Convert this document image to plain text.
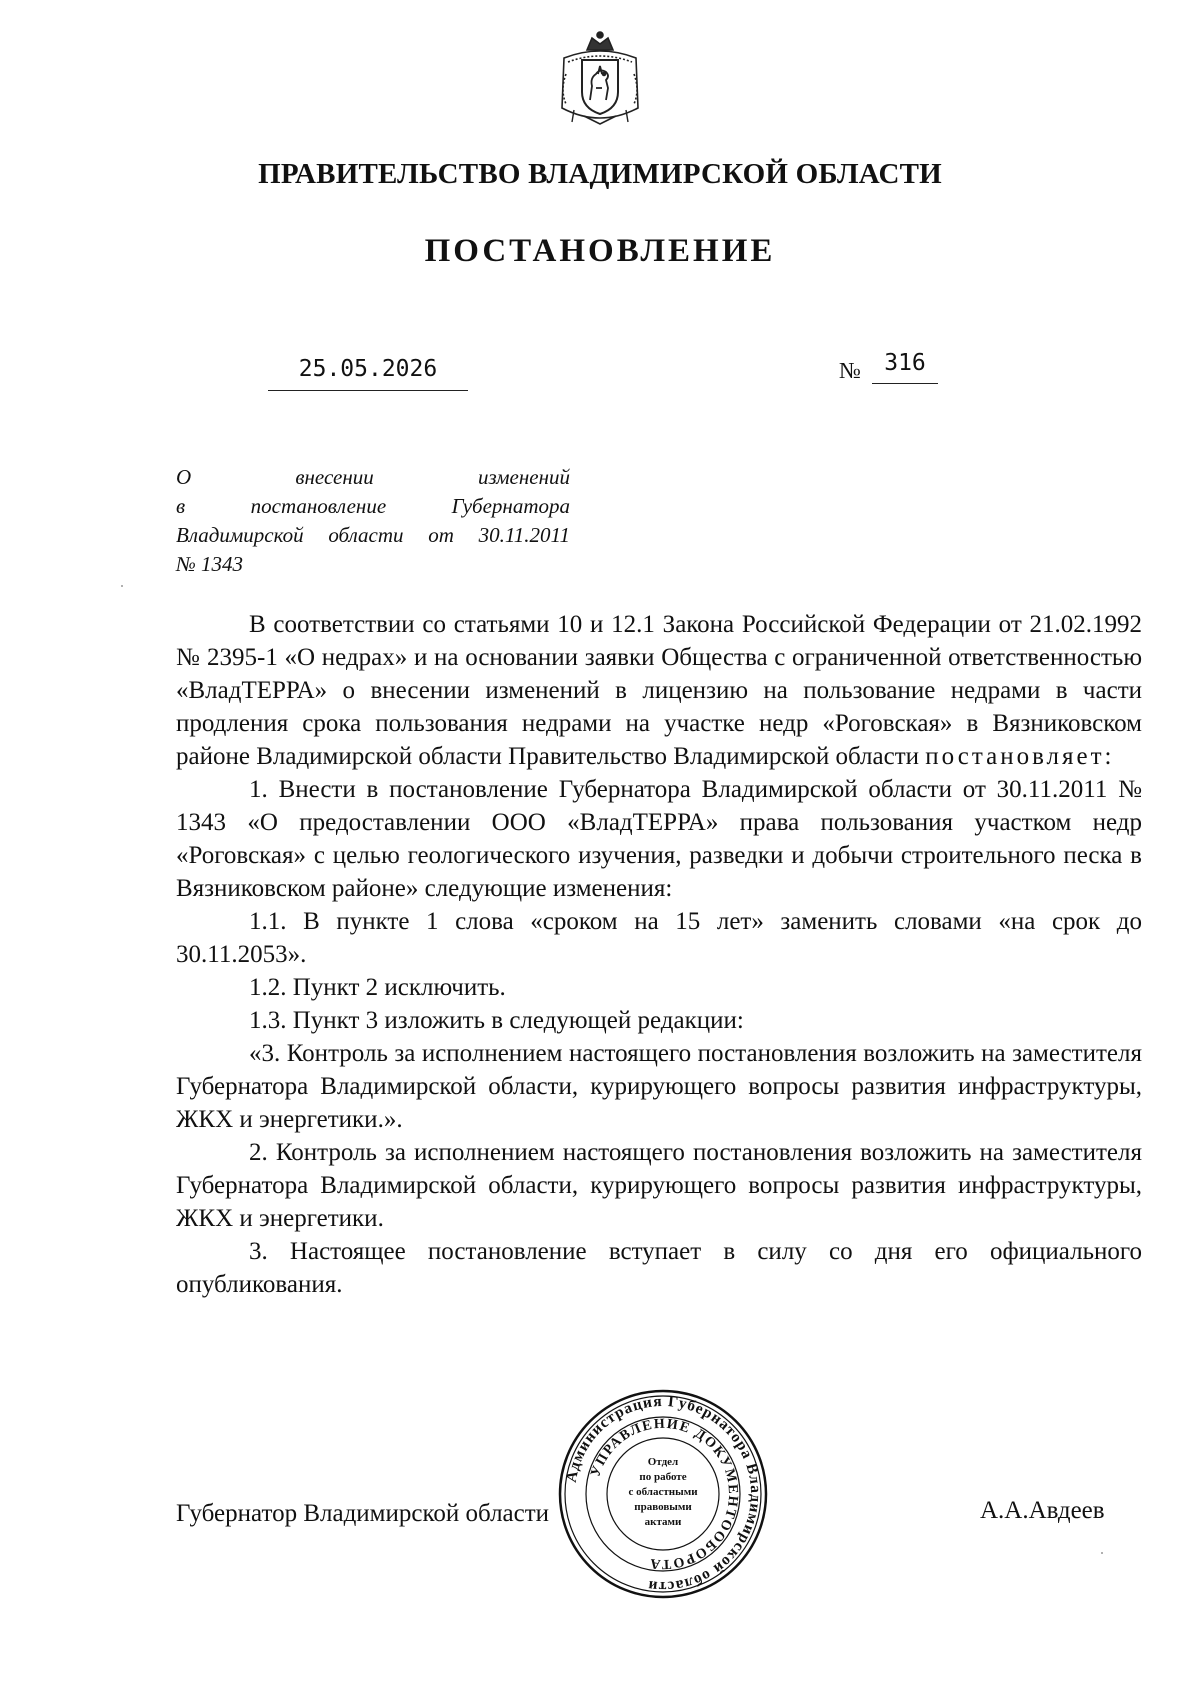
ПРАВИТЕЛЬСТВО ВЛАДИМИРСКОЙ ОБЛАСТИ
ПОСТАНОВЛЕНИЕ
25.05.2026	№	316
О внесении изменений
в постановление Губернатора
Владимирской области от 30.11.2011
№ 1343

В соответствии со статьями 10 и 12.1 Закона Российской Федерации от 21.02.1992 № 2395-1 «О недрах» и на основании заявки Общества с ограниченной ответственностью «ВладТЕРРА» о внесении изменений в лицензию на пользование недрами в части продления срока пользования недрами на участке недр «Роговская» в Вязниковском районе Владимирской области Правительство Владимирской области постановляет:

1. Внести в постановление Губернатора Владимирской области от 30.11.2011 № 1343 «О предоставлении ООО «ВладТЕРРА» права пользования участком недр «Роговская» с целью геологического изучения, разведки и добычи строительного песка в Вязниковском районе» следующие изменения:

1.1. В пункте 1 слова «сроком на 15 лет» заменить словами «на срок до 30.11.2053».

1.2. Пункт 2 исключить.

1.3. Пункт 3 изложить в следующей редакции:

«3. Контроль за исполнением настоящего постановления возложить на заместителя Губернатора Владимирской области, курирующего вопросы развития инфраструктуры, ЖКХ и энергетики.».

2. Контроль за исполнением настоящего постановления возложить на заместителя Губернатора Владимирской области, курирующего вопросы развития инфраструктуры, ЖКХ и энергетики.

3. Настоящее постановление вступает в силу со дня его официального опубликования.

Губернатор Владимирской области	А.А.Авдеев
Администрация Губернатора Владимирской области
УПРАВЛЕНИЕ ДОКУМЕНТООБОРОТА
Отдел
по работе
с областными
правовыми
актами
